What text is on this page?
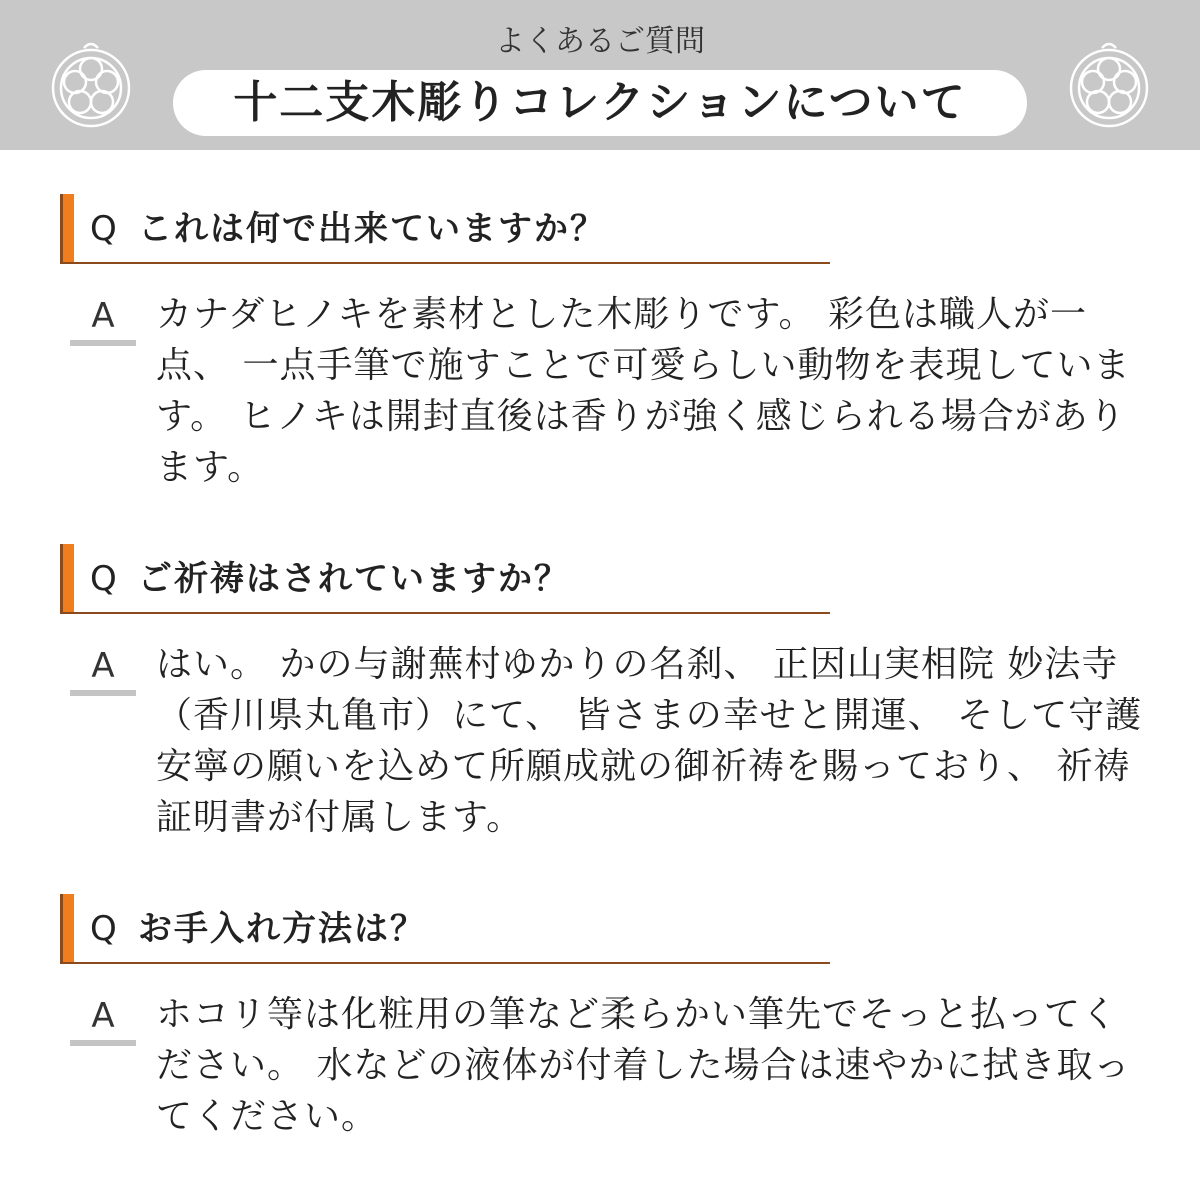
よくあるご質問
十二支木彫りコレクションについて
Q これは何で出来ていますか？
A	カナダヒノキを素材とした木彫りです。 彩色は職人が一点、 一点手筆で施すことで可愛らしい動物を表現しています。 ヒノキは開封直後は香りが強く感じられる場合があります。
Q ご祈祷はされていますか？
A	はい。 かの与謝蕪村ゆかりの名刹、 正因山実相院 妙法寺（香川県丸亀市）にて、 皆さまの幸せと開運、 そして守護安寧の願いを込めて所願成就の御祈祷を賜っており、 祈祷証明書が付属します。
Q お手入れ方法は？
A	ホコリ等は化粧用の筆など柔らかい筆先でそっと払ってください。 水などの液体が付着した場合は速やかに拭き取ってください。
